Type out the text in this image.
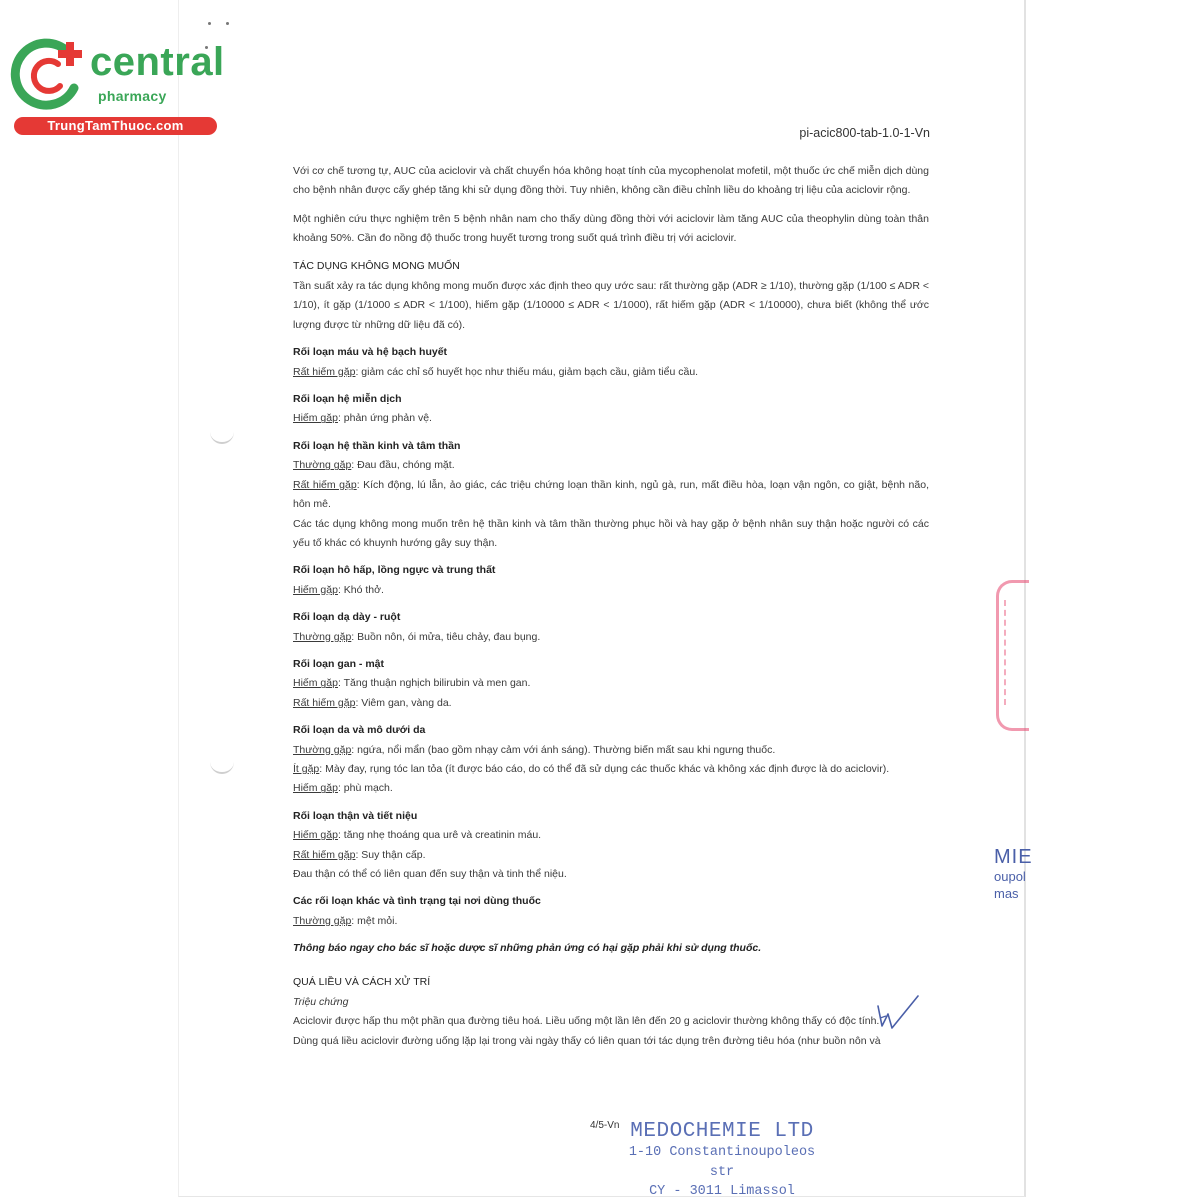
central
pharmacy
TrungTamThuoc.com	pi-acic800-tab-1.0-1-Vn

Với cơ chế tương tự, AUC của aciclovir và chất chuyển hóa không hoạt tính của mycophenolat mofetil, một thuốc ức chế miễn dịch dùng cho bệnh nhân được cấy ghép tăng khi sử dụng đồng thời. Tuy nhiên, không cần điều chỉnh liều do khoảng trị liệu của aciclovir rộng.

Một nghiên cứu thực nghiệm trên 5 bệnh nhân nam cho thấy dùng đồng thời với aciclovir làm tăng AUC của theophylin dùng toàn thân khoảng 50%. Cần đo nồng độ thuốc trong huyết tương trong suốt quá trình điều trị với aciclovir.

TÁC DỤNG KHÔNG MONG MUỐN

Tần suất xảy ra tác dụng không mong muốn được xác định theo quy ước sau: rất thường gặp (ADR ≥ 1/10), thường gặp (1/100 ≤ ADR < 1/10), ít gặp (1/1000 ≤ ADR < 1/100), hiếm gặp (1/10000 ≤ ADR < 1/1000), rất hiếm gặp (ADR < 1/10000), chưa biết (không thể ước lượng được từ những dữ liệu đã có).

Rối loạn máu và hệ bạch huyết

Rất hiếm gặp: giảm các chỉ số huyết học như thiếu máu, giảm bạch cầu, giảm tiểu cầu.

Rối loạn hệ miễn dịch

Hiếm gặp: phản ứng phản vệ.

Rối loạn hệ thần kinh và tâm thần

Thường gặp: Đau đầu, chóng mặt.

Rất hiếm gặp: Kích động, lú lẫn, ảo giác, các triệu chứng loạn thần kinh, ngủ gà, run, mất điều hòa, loạn vận ngôn, co giật, bệnh não, hôn mê.

Các tác dụng không mong muốn trên hệ thần kinh và tâm thần thường phục hồi và hay gặp ở bệnh nhân suy thận hoặc người có các yếu tố khác có khuynh hướng gây suy thận.

Rối loạn hô hấp, lồng ngực và trung thất

Hiếm gặp: Khó thở.

Rối loạn dạ dày - ruột

Thường gặp: Buồn nôn, ói mửa, tiêu chảy, đau bụng.

Rối loạn gan - mật

Hiếm gặp: Tăng thuận nghịch bilirubin và men gan.

Rất hiếm gặp: Viêm gan, vàng da.

Rối loạn da và mô dưới da

Thường gặp: ngứa, nổi mẩn (bao gồm nhạy cảm với ánh sáng). Thường biến mất sau khi ngưng thuốc.

Ít gặp: Mày đay, rụng tóc lan tỏa (ít được báo cáo, do có thể đã sử dụng các thuốc khác và không xác định được là do aciclovir).

Hiếm gặp: phù mạch.

Rối loạn thận và tiết niệu

Hiếm gặp: tăng nhẹ thoáng qua urê và creatinin máu.

Rất hiếm gặp: Suy thận cấp.

Đau thận có thể có liên quan đến suy thận và tinh thể niệu.

Các rối loạn khác và tình trạng tại nơi dùng thuốc

Thường gặp: mệt mỏi.

Thông báo ngay cho bác sĩ hoặc dược sĩ những phản ứng có hại gặp phải khi sử dụng thuốc.

QUÁ LIỀU VÀ CÁCH XỬ TRÍ

Triệu chứng

Aciclovir được hấp thu một phần qua đường tiêu hoá. Liều uống một lần lên đến 20 g aciclovir thường không thấy có độc tính.

Dùng quá liều aciclovir đường uống lặp lại trong vài ngày thấy có liên quan tới tác dụng trên đường tiêu hóa (như buồn nôn và

MIE
oupol
mas
4/5-Vn MEDOCHEMIE LTD
1-10 Constantinoupoleos str
CY - 3011 Limassol
